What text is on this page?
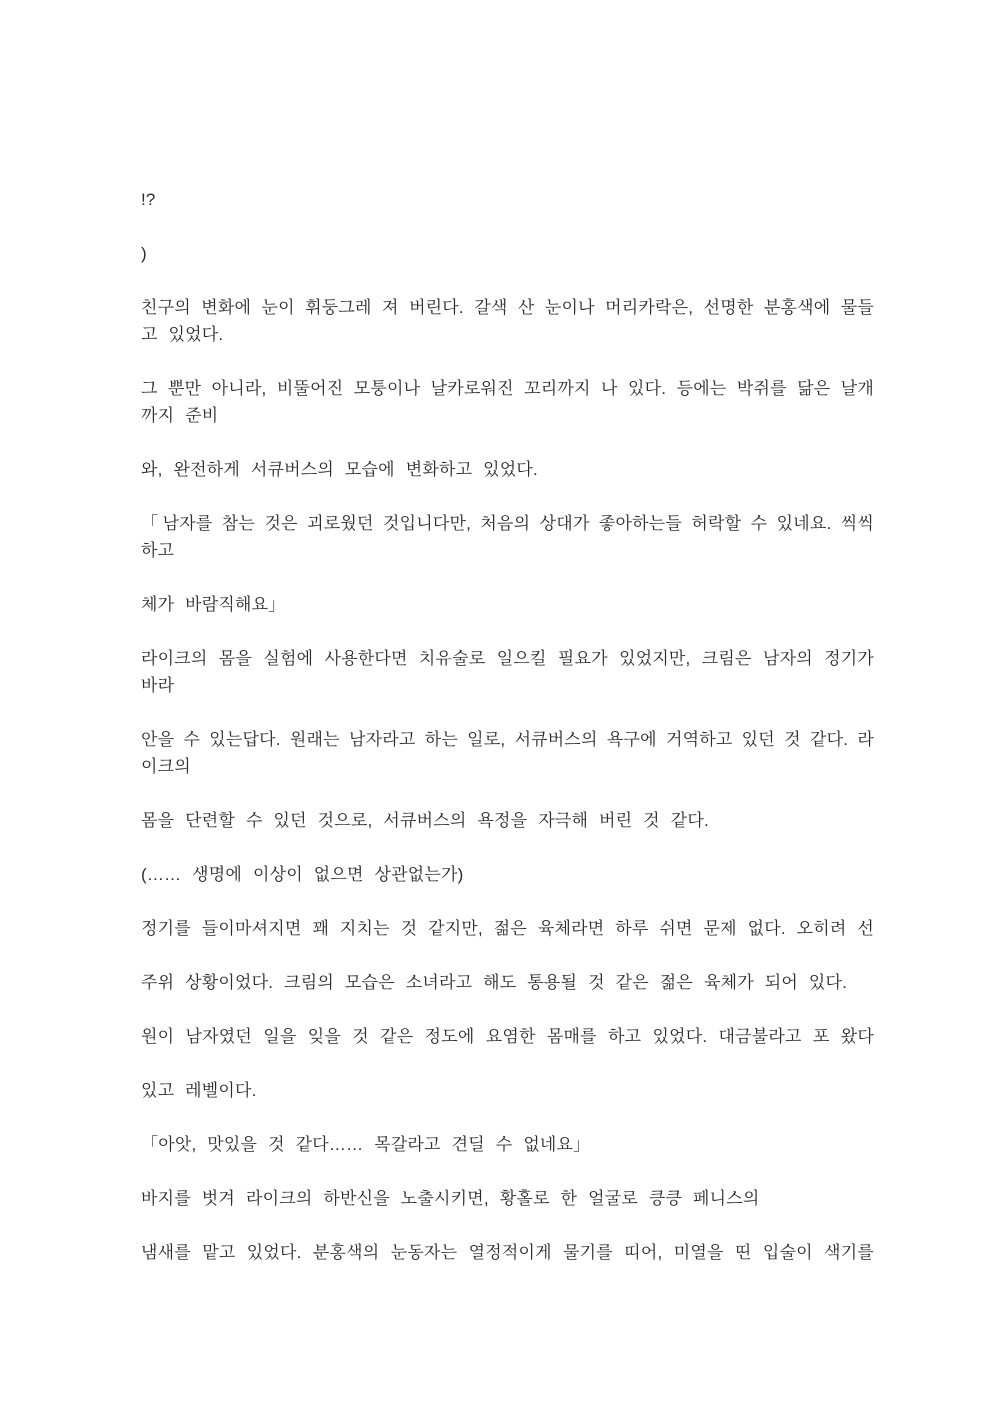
!?
)
친구의 변화에 눈이 휘둥그레 져 버린다. 갈색 산 눈이나 머리카락은, 선명한 분홍색에 물들
고 있었다.
그 뿐만 아니라, 비뚤어진 모퉁이나 날카로워진 꼬리까지 나 있다. 등에는 박쥐를 닮은 날개
까지 준비
와, 완전하게 서큐버스의 모습에 변화하고 있었다.
「남자를 참는 것은 괴로웠던 것입니다만, 처음의 상대가 좋아하는들 허락할 수 있네요. 씩씩
하고
체가 바람직해요」
라이크의 몸을 실험에 사용한다면 치유술로 일으킬 필요가 있었지만, 크림은 남자의 정기가
바라
안을 수 있는답다. 원래는 남자라고 하는 일로, 서큐버스의 욕구에 거역하고 있던 것 같다. 라
이크의
몸을 단련할 수 있던 것으로, 서큐버스의 욕정을 자극해 버린 것 같다.
(…… 생명에 이상이 없으면 상관없는가)
정기를 들이마셔지면 꽤 지치는 것 같지만, 젊은 육체라면 하루 쉬면 문제 없다. 오히려 선
주위 상황이었다. 크림의 모습은 소녀라고 해도 통용될 것 같은 젊은 육체가 되어 있다.
원이 남자였던 일을 잊을 것 같은 정도에 요염한 몸매를 하고 있었다. 대금불라고 포 왔다
있고 레벨이다.
「아앗, 맛있을 것 같다…… 목갈라고 견딜 수 없네요」
바지를 벗겨 라이크의 하반신을 노출시키면, 황홀로 한 얼굴로 킁킁 페니스의
냄새를 맡고 있었다. 분홍색의 눈동자는 열정적이게 물기를 띠어, 미열을 띤 입술이 색기를
